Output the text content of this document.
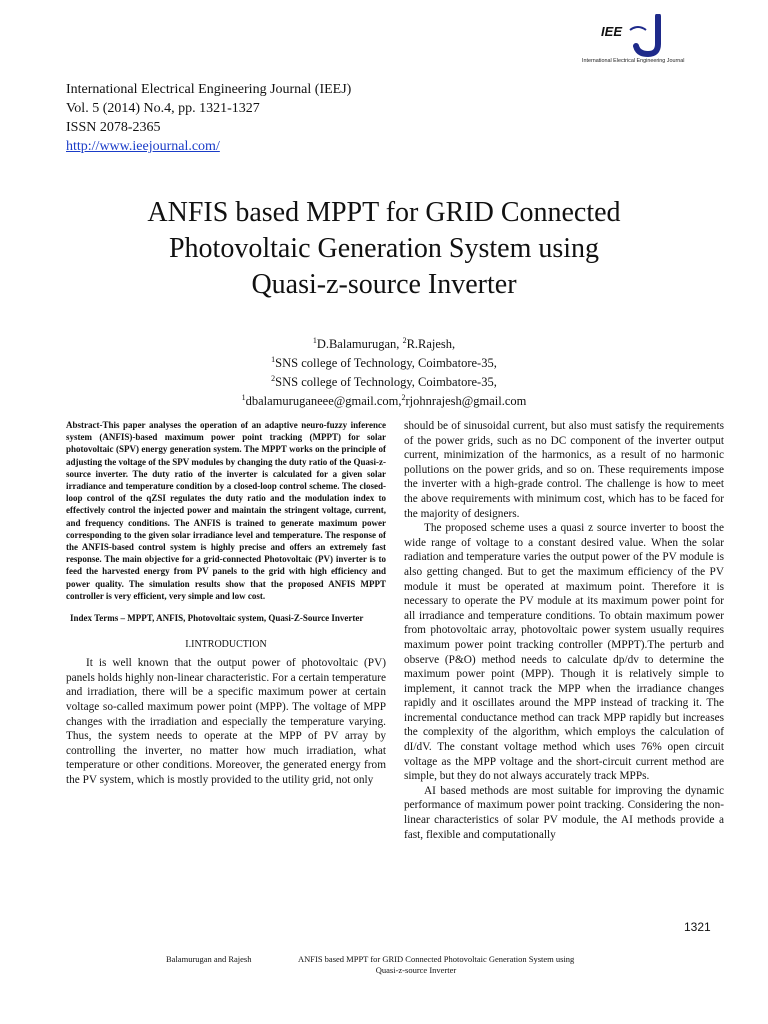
IEE
International Electrical Engineering Journal
International Electrical Engineering Journal (IEEJ)
Vol. 5 (2014) No.4, pp. 1321-1327
ISSN 2078-2365
http://www.ieejournal.com/
ANFIS based MPPT for GRID Connected
Photovoltaic Generation System using
Quasi-z-source Inverter
$^1$D.Balamurugan, $^2$R.Rajesh,
$^1$SNS college of Technology, Coimbatore-35,
$^2$SNS college of Technology, Coimbatore-35,
$^1$dbalamuruganeee@gmail.com,$^2$rjohnrajesh@gmail.com

Abstract-This paper analyses the operation of an adaptive neuro-fuzzy inference system (ANFIS)-based maximum power point tracking (MPPT) for solar photovoltaic (SPV) energy generation system. The MPPT works on the principle of adjusting the voltage of the SPV modules by changing the duty ratio of the Quasi-z-source inverter. The duty ratio of the inverter is calculated for a given solar irradiance and temperature condition by a closed-loop control scheme. The closed-loop control of the qZSI regulates the duty ratio and the modulation index to effectively control the injected power and maintain the stringent voltage, current, and frequency conditions. The ANFIS is trained to generate maximum power corresponding to the given solar irradiance level and temperature. The response of the ANFIS-based control system is highly precise and offers an extremely fast response. The main objective for a grid-connected Photovoltaic (PV) inverter is to feed the harvested energy from PV panels to the grid with high efficiency and power quality. The simulation results show that the proposed ANFIS MPPT controller is very efficient, very simple and low cost.

Index Terms – MPPT, ANFIS, Photovoltaic system, Quasi-Z-Source Inverter

I.INTRODUCTION

It is well known that the output power of photovoltaic (PV) panels holds highly non-linear characteristic. For a certain temperature and irradiation, there will be a specific maximum power at certain voltage so-called maximum power point (MPP). The voltage of MPP changes with the irradiation and especially the temperature varying. Thus, the system needs to operate at the MPP of PV array by controlling the inverter, no matter how much irradiation, what temperature or other conditions. Moreover, the generated energy from the PV system, which is mostly provided to the utility grid, not only

should be of sinusoidal current, but also must satisfy the requirements of the power grids, such as no DC component of the inverter output current, minimization of the harmonics, as a result of no harmonic pollutions on the power grids, and so on. These requirements impose the inverter with a high-grade control. The challenge is how to meet the above requirements with minimum cost, which has to be faced for the majority of designers.

The proposed scheme uses a quasi z source inverter to boost the wide range of voltage to a constant desired value. When the solar radiation and temperature varies the output power of the PV module is also getting changed. But to get the maximum efficiency of the PV module it must be operated at maximum point. Therefore it is necessary to operate the PV module at its maximum power point for all irradiance and temperature conditions. To obtain maximum power from photovoltaic array, photovoltaic power system usually requires maximum power point tracking controller (MPPT).The perturb and observe (P&O) method needs to calculate dp/dv to determine the maximum power point (MPP). Though it is relatively simple to implement, it cannot track the MPP when the irradiance changes rapidly and it oscillates around the MPP instead of tracking it. The incremental conductance method can track MPP rapidly but increases the complexity of the algorithm, which employs the calculation of dI/dV. The constant voltage method which uses 76% open circuit voltage as the MPP voltage and the short-circuit current method are simple, but they do not always accurately track MPPs.

AI based methods are most suitable for improving the dynamic performance of maximum power point tracking. Considering the non-linear characteristics of solar PV module, the AI methods provide a fast, flexible and computationally

1321
Balamurugan and Rajesh	ANFIS based MPPT for GRID Connected Photovoltaic Generation System using
Quasi-z-source Inverter
